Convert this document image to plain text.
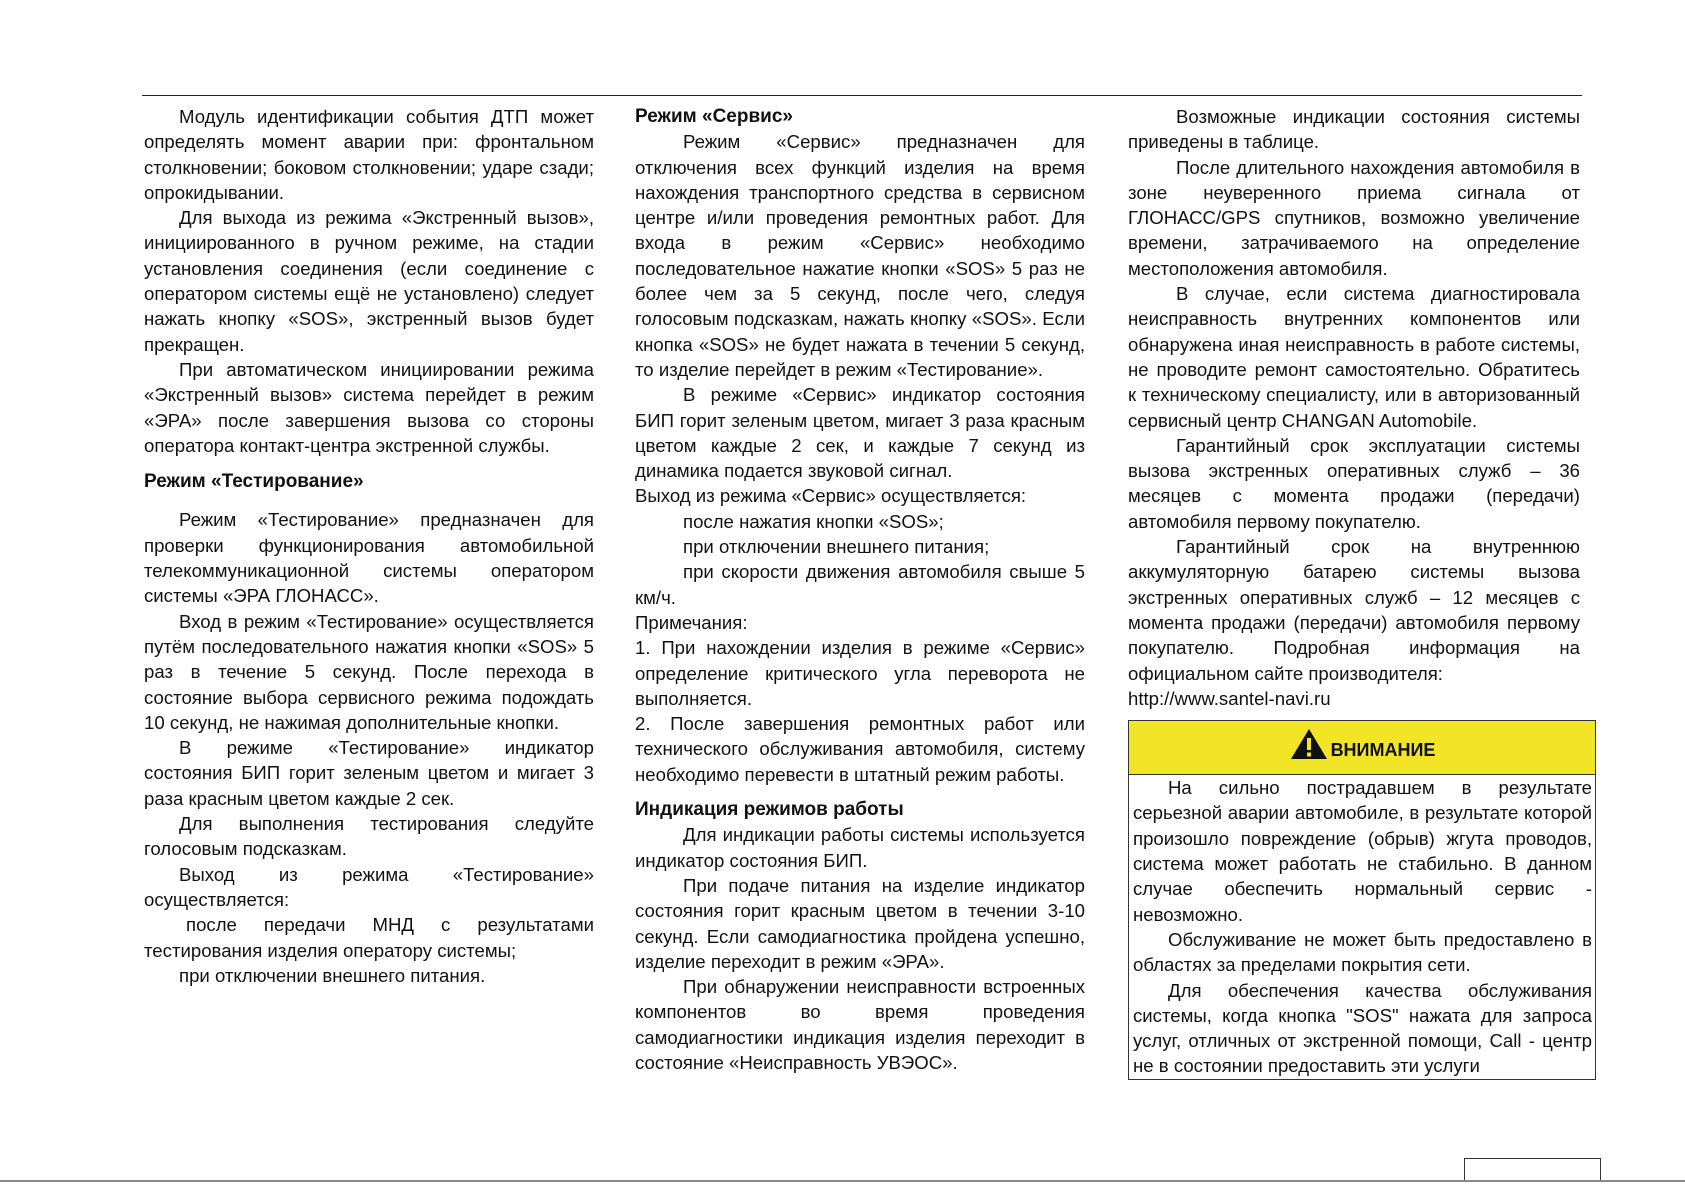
Модуль идентификации события ДТП может определять момент аварии при: фронтальном столкновении; боковом столкновении; ударе сзади; опрокидывании.

Для выхода из режима «Экстренный вызов», инициированного в ручном режиме, на стадии установления соединения (если соединение с оператором системы ещё не установлено) следует нажать кнопку «SOS», экстренный вызов будет прекращен.

При автоматическом инициировании режима «Экстренный вызов» система перейдет в режим «ЭРА» после завершения вызова со стороны оператора контакт-центра экстренной службы.

Режим «Тестирование»

Режим «Тестирование» предназначен для проверки функционирования автомобильной телекоммуникационной системы оператором системы «ЭРА ГЛОНАСС».

Вход в режим «Тестирование» осуществляется путём последовательного нажатия кнопки «SOS» 5 раз в течение 5 секунд. После перехода в состояние выбора сервисного режима подождать 10 секунд, не нажимая дополнительные кнопки.

В режиме «Тестирование» индикатор состояния БИП горит зеленым цветом и мигает 3 раза красным цветом каждые 2 сек.

Для выполнения тестирования следуйте голосовым подсказкам.

Выход из режима «Тестирование» осуществляется:

после передачи МНД с результатами тестирования изделия оператору системы;

при отключении внешнего питания.

Режим «Сервис»

Режим «Сервис» предназначен для отключения всех функций изделия на время нахождения транспортного средства в сервисном центре и/или проведения ремонтных работ. Для входа в режим «Сервис» необходимо последовательное нажатие кнопки «SOS» 5 раз не более чем за 5 секунд, после чего, следуя голосовым подсказкам, нажать кнопку «SOS». Если кнопка «SOS» не будет нажата в течении 5 секунд, то изделие перейдет в режим «Тестирование».

В режиме «Сервис» индикатор состояния БИП горит зеленым цветом, мигает 3 раза красным цветом каждые 2 сек, и каждые 7 секунд из динамика подается звуковой сигнал.

Выход из режима «Сервис» осуществляется:

после нажатия кнопки «SOS»;

при отключении внешнего питания;

при скорости движения автомобиля свыше 5 км/ч.

Примечания:

1. При нахождении изделия в режиме «Сервис» определение критического угла переворота не выполняется.

2. После завершения ремонтных работ или технического обслуживания автомобиля, систему необходимо перевести в штатный режим работы.

Индикация режимов работы

Для индикации работы системы используется индикатор состояния БИП.

При подаче питания на изделие индикатор состояния горит красным цветом в течении 3-10 секунд. Если самодиагностика пройдена успешно, изделие переходит в режим «ЭРА».

При обнаружении неисправности встроенных компонентов во время проведения самодиагностики индикация изделия переходит в состояние «Неисправность УВЭОС».

Возможные индикации состояния системы приведены в таблице.

После длительного нахождения автомобиля в зоне неуверенного приема сигнала от ГЛОНАСС/GPS спутников, возможно увеличение времени, затрачиваемого на определение местоположения автомобиля.

В случае, если система диагностировала неисправность внутренних компонентов или обнаружена иная неисправность в работе системы, не проводите ремонт самостоятельно. Обратитесь к техническому специалисту, или в авторизованный сервисный центр CHANGAN Automobile.

Гарантийный срок эксплуатации системы вызова экстренных оперативных служб – 36 месяцев с момента продажи (передачи) автомобиля первому покупателю.

Гарантийный срок на внутреннюю аккумуляторную батарею системы вызова экстренных оперативных служб – 12 месяцев с момента продажи (передачи) автомобиля первому покупателю. Подробная информация на официальном сайте производителя:

http://www.santel-navi.ru

ВНИМАНИЕ

На сильно пострадавшем в результате серьезной аварии автомобиле, в результате которой произошло повреждение (обрыв) жгута проводов, система может работать не стабильно. В данном случае обеспечить нормальный сервис - невозможно.

Обслуживание не может быть предоставлено в областях за пределами покрытия сети.

Для обеспечения качества обслуживания системы, когда кнопка "SOS" нажата для запроса услуг, отличных от экстренной помощи, Call - центр не в состоянии предоставить эти услуги
